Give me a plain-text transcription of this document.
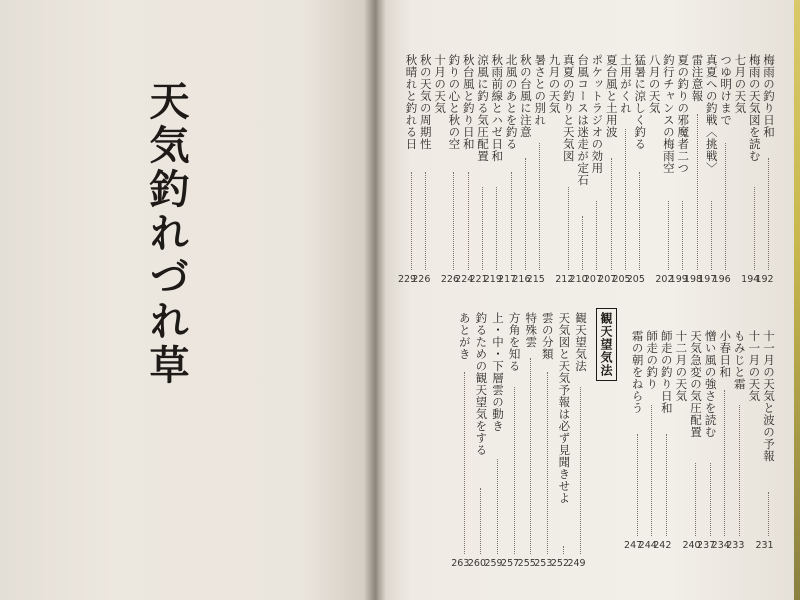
天気釣れづれ草	梅雨の釣り日和
192
梅雨の天気図を読む
194
七月の天気
つゆ明けまで
196
真夏への釣戦〈挑戦〉
197
雷注意報
198
夏の釣りの邪魔者二つ
199
釣行チャンスの梅雨空
202
八月の天気
猛暑に涼しく釣る
205
土用がくれ
205
夏台風と土用波
207
ポケットラジオの効用
207
台風コースは迷走が定石
210
真夏の釣りと天気図
212
九月の天気
暑さとの別れ
215
秋の台風に注意
216
北風のあとを釣る
217
秋雨前線とハゼ日和
219
涼風に釣る気圧配置
221
秋台風と釣り日和
224
釣りの心と秋の空
226
十月の天気
秋の天気の周期性
226
秋晴れと釣れる日
229
十一月の天気と波の予報
231
十一月の天気
もみじと霜
233
小春日和
234
憎い風の強さを読む
237
天気急変の気圧配置
240
十二月の天気
師走の釣り日和
242
師走の釣り
244
霜の朝をねらう
247
観天望気法
観天望気法
249
天気図と天気予報は必ず見聞きせよ
252
雲の分類
253
特殊雲
255
方角を知る
257
上・中・下層雲の動き
259
釣るための観天望気をする
260
あとがき
263
